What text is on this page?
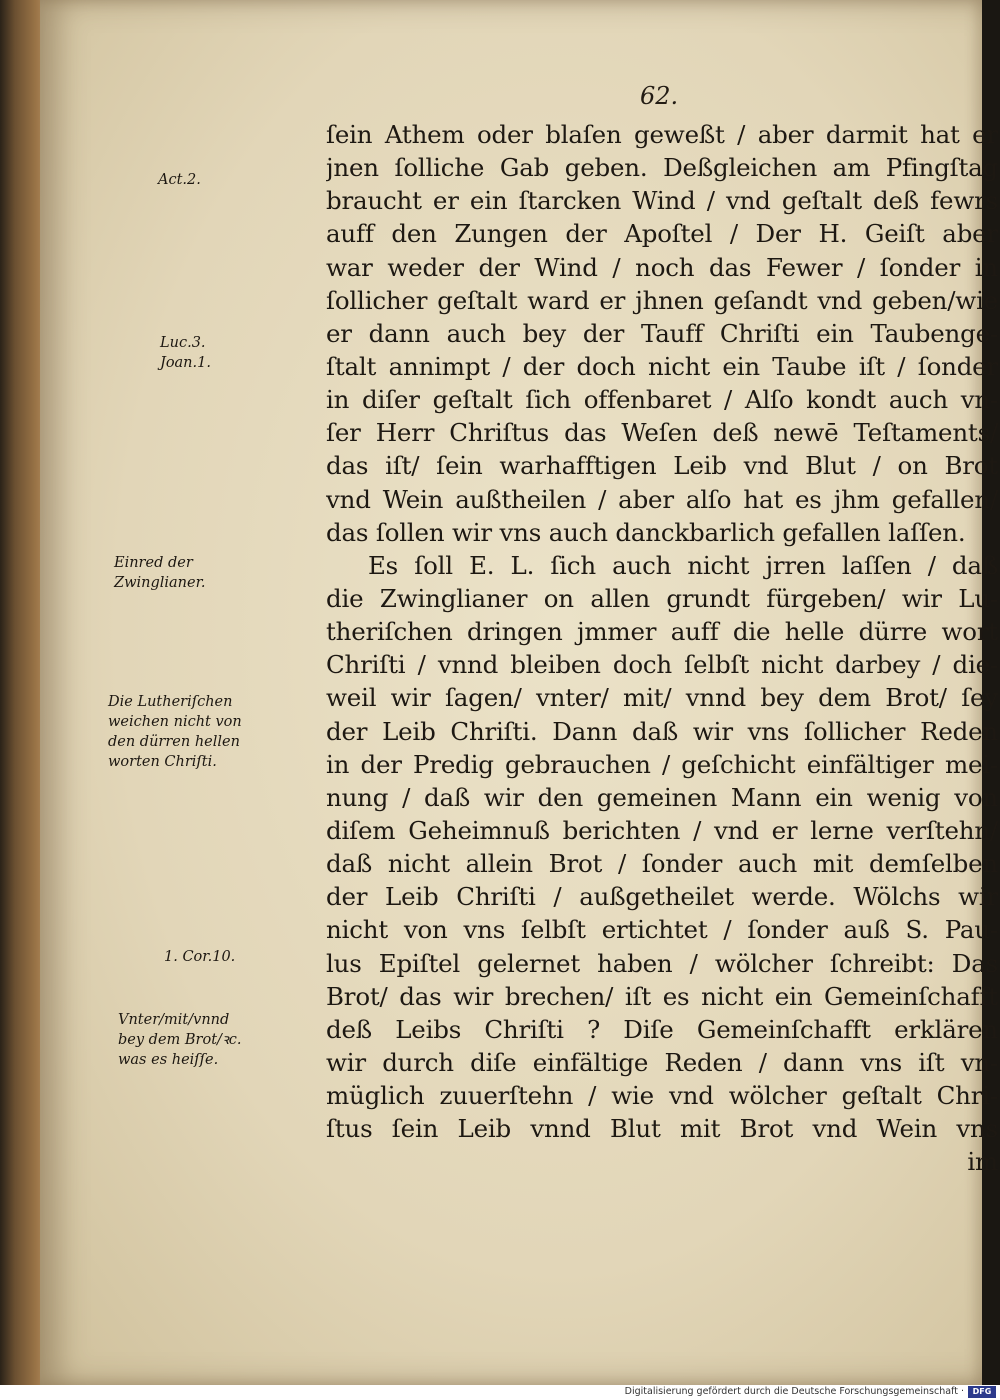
62.
ſein Athem oder blaſen geweßt / aber darmit hat er
jnen ſolliche Gab geben. Deßgleichen am Pfingſtag
braucht er ein ſtarcken Wind / vnd geſtalt deß fewrs
auff den Zungen der Apoſtel / Der H. Geiſt aber
war weder der Wind / noch das Fewer / ſonder in
ſollicher geſtalt ward er jhnen geſandt vnd geben/wie
er dann auch bey der Tauff Chriſti ein Taubenge-
ſtalt annimpt / der doch nicht ein Taube iſt / ſonder
in diſer geſtalt ſich offenbaret / Alſo kondt auch vn-
ſer Herr Chriſtus das Weſen deß newē Teſtaments/
das iſt/ ſein warhafftigen Leib vnd Blut / on Brot
vnd Wein außtheilen / aber alſo hat es jhm gefallen/
das ſollen wir vns auch danckbarlich gefallen laſſen.
Es ſoll E. L. ſich auch nicht jrren laſſen / daß
die Zwinglianer on allen grundt fürgeben/ wir Lu-
theriſchen dringen jmmer auff die helle dürre wort
Chriſti / vnnd bleiben doch ſelbſt nicht darbey / die-
weil wir ſagen/ vnter/ mit/ vnnd bey dem Brot/ ſey
der Leib Chriſti. Dann daß wir vns ſollicher Reden
in der Predig gebrauchen / geſchicht einfältiger mei-
nung / daß wir den gemeinen Mann ein wenig von
diſem Geheimnuß berichten / vnd er lerne verſtehn/
daß nicht allein Brot / ſonder auch mit demſelben
der Leib Chriſti / außgetheilet werde. Wölchs wir
nicht von vns ſelbſt ertichtet / ſonder auß S. Pau-
lus Epiſtel gelernet haben / wölcher ſchreibt: Das
Brot/ das wir brechen/ iſt es nicht ein Gemeinſchafft
deß Leibs Chriſti ? Diſe Gemeinſchafft erklären
wir durch diſe einfältige Reden / dann vns iſt vn-
müglich zuuerſtehn / wie vnd wölcher geſtalt Chri-
ſtus ſein Leib vnnd Blut mit Brot vnd Wein vns
im
Act.2.
Luc.3.
Joan.1.
Einred der
Zwinglianer.
Die Lutheriſchen
weichen nicht von
den dürren hellen
worten Chriſti.
1. Cor.10.
Vnter/mit/vnnd
bey dem Brot/ꝛc.
was es heiſſe.
Digitalisierung gefördert durch die Deutsche Forschungsgemeinschaft ·	DFG
